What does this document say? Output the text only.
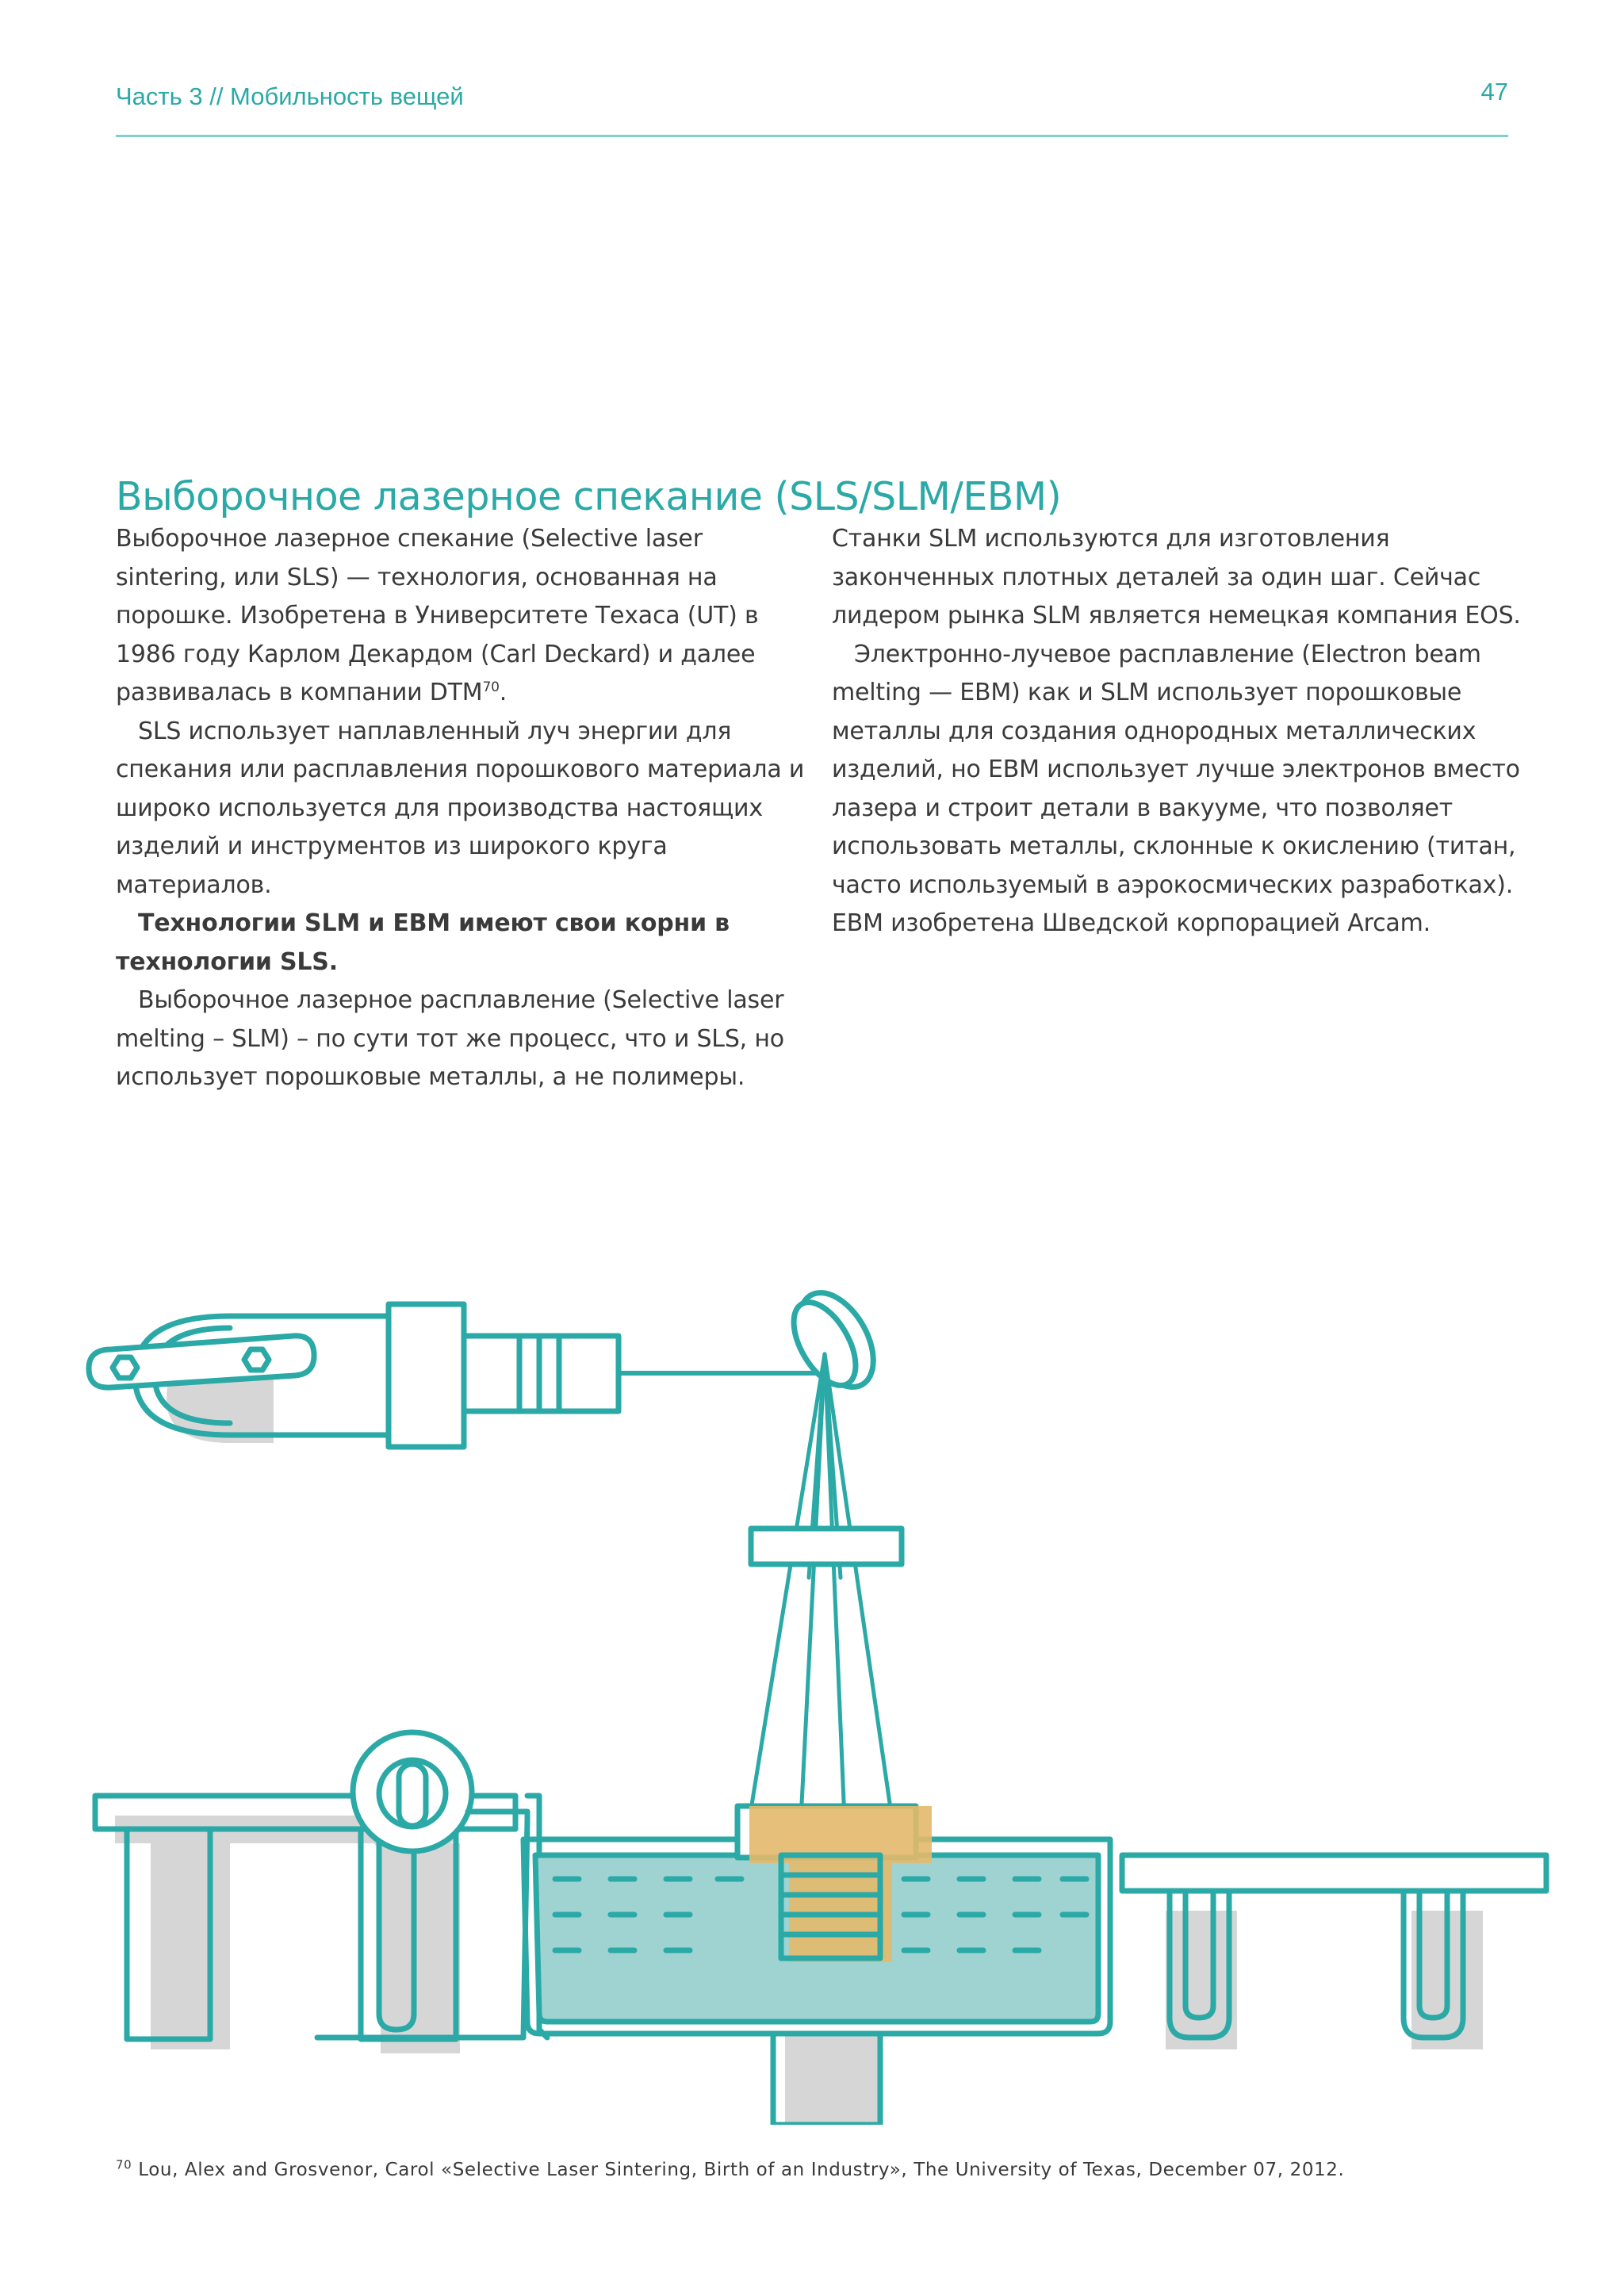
Часть 3 // Мобильность вещей	47
Выборочное лазерное спекание (SLS/SLM/EBM)

Выборочное лазерное спекание (Selective laser sintering, или SLS) — технология, основанная на порошке. Изобретена в Университете Техаса (UT) в 1986 году Карлом Декардом (Carl Deckard) и далее развивалась в компании DTM$^{70}$.

SLS использует наплавленный луч энергии для спекания или расплавления порошкового материала и широко используется для производства настоящих изделий и инструментов из широкого круга материалов.

Технологии SLM и EBM имеют свои корни в технологии SLS.

Выборочное лазерное расплавление (Selective laser melting – SLM) – по сути тот же процесс, что и SLS, но использует порошковые металлы, а не полимеры.

Станки SLM используются для изготовления законченных плотных деталей за один шаг. Сейчас лидером рынка SLM является немецкая компания EOS.

Электронно-лучевое расплавление (Electron beam melting — EBM) как и SLM использует порошковые металлы для создания однородных металлических изделий, но EBM использует лучше электронов вместо лазера и строит детали в вакууме, что позволяет использовать металлы, склонные к окислению (титан, часто используемый в аэрокосмических разработках). EBM изобретена Шведской корпорацией Arcam.

$^{70}$ Lou, Alex and Grosvenor, Carol «Selective Laser Sintering, Birth of an Industry», The University of Texas, December 07, 2012.
